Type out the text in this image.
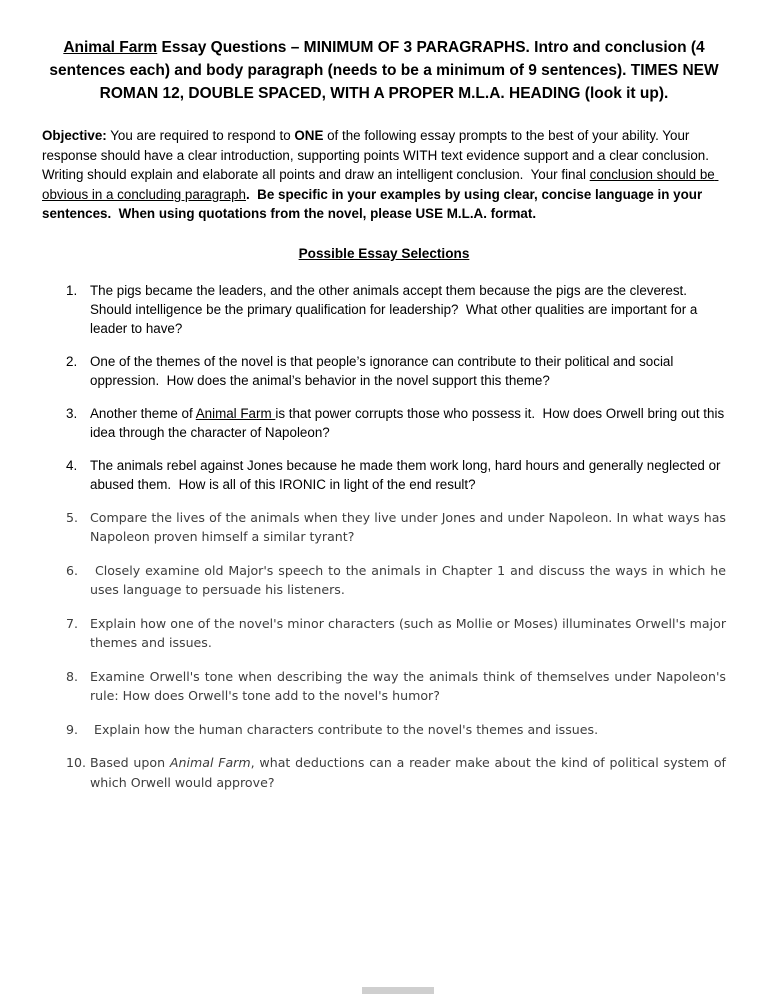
Animal Farm Essay Questions – MINIMUM OF 3 PARAGRAPHS. Intro and conclusion (4 sentences each) and body paragraph (needs to be a minimum of 9 sentences). TIMES NEW ROMAN 12, DOUBLE SPACED, WITH A PROPER M.L.A. HEADING (look it up).
Objective: You are required to respond to ONE of the following essay prompts to the best of your ability. Your response should have a clear introduction, supporting points WITH text evidence support and a clear conclusion.  Writing should explain and elaborate all points and draw an intelligent conclusion.  Your final conclusion should be obvious in a concluding paragraph.  Be specific in your examples by using clear, concise language in your sentences.  When using quotations from the novel, please USE M.L.A. format.
Possible Essay Selections
1. The pigs became the leaders, and the other animals accept them because the pigs are the cleverest.  Should intelligence be the primary qualification for leadership?  What other qualities are important for a leader to have?
2. One of the themes of the novel is that people’s ignorance can contribute to their political and social oppression.  How does the animal’s behavior in the novel support this theme?
3. Another theme of Animal Farm is that power corrupts those who possess it.  How does Orwell bring out this idea through the character of Napoleon?
4. The animals rebel against Jones because he made them work long, hard hours and generally neglected or abused them.  How is all of this IRONIC in light of the end result?
5. Compare the lives of the animals when they live under Jones and under Napoleon. In what ways has Napoleon proven himself a similar tyrant?
6. Closely examine old Major's speech to the animals in Chapter 1 and discuss the ways in which he uses language to persuade his listeners.
7. Explain how one of the novel's minor characters (such as Mollie or Moses) illuminates Orwell's major themes and issues.
8. Examine Orwell's tone when describing the way the animals think of themselves under Napoleon's rule: How does Orwell's tone add to the novel's humor?
9. Explain how the human characters contribute to the novel's themes and issues.
10. Based upon Animal Farm, what deductions can a reader make about the kind of political system of which Orwell would approve?
